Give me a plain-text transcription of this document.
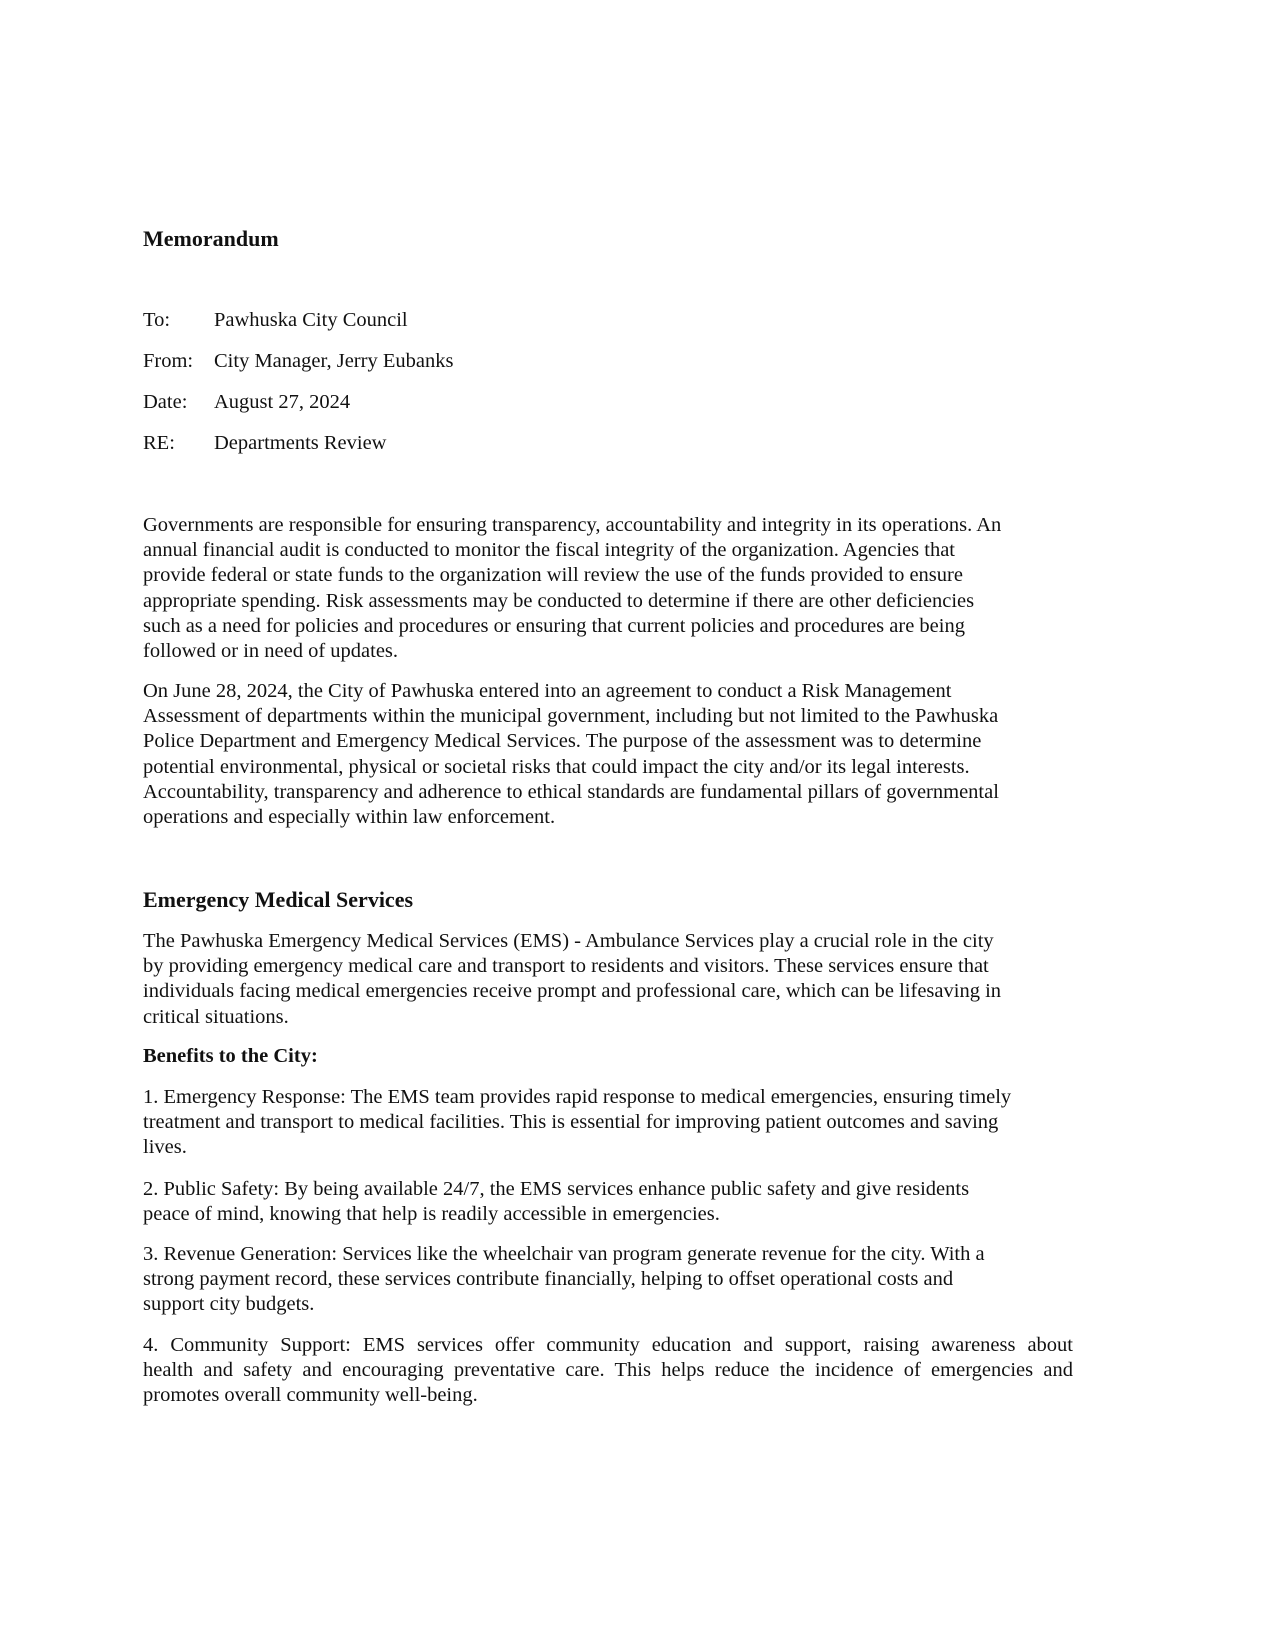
Memorandum
To: Pawhuska City Council
From: City Manager, Jerry Eubanks
Date: August 27, 2024
RE: Departments Review
Governments are responsible for ensuring transparency, accountability and integrity in its operations. An
annual financial audit is conducted to monitor the fiscal integrity of the organization. Agencies that
provide federal or state funds to the organization will review the use of the funds provided to ensure
appropriate spending. Risk assessments may be conducted to determine if there are other deficiencies
such as a need for policies and procedures or ensuring that current policies and procedures are being
followed or in need of updates.
On June 28, 2024, the City of Pawhuska entered into an agreement to conduct a Risk Management
Assessment of departments within the municipal government, including but not limited to the Pawhuska
Police Department and Emergency Medical Services. The purpose of the assessment was to determine
potential environmental, physical or societal risks that could impact the city and/or its legal interests.
Accountability, transparency and adherence to ethical standards are fundamental pillars of governmental
operations and especially within law enforcement.
Emergency Medical Services
The Pawhuska Emergency Medical Services (EMS) - Ambulance Services play a crucial role in the city
by providing emergency medical care and transport to residents and visitors. These services ensure that
individuals facing medical emergencies receive prompt and professional care, which can be lifesaving in
critical situations.
Benefits to the City:
1. Emergency Response: The EMS team provides rapid response to medical emergencies, ensuring timely
treatment and transport to medical facilities. This is essential for improving patient outcomes and saving
lives.
2. Public Safety: By being available 24/7, the EMS services enhance public safety and give residents
peace of mind, knowing that help is readily accessible in emergencies.
3. Revenue Generation: Services like the wheelchair van program generate revenue for the city. With a
strong payment record, these services contribute financially, helping to offset operational costs and
support city budgets.
4. Community Support: EMS services offer community education and support, raising awareness about
health and safety and encouraging preventative care. This helps reduce the incidence of emergencies and
promotes overall community well-being.
